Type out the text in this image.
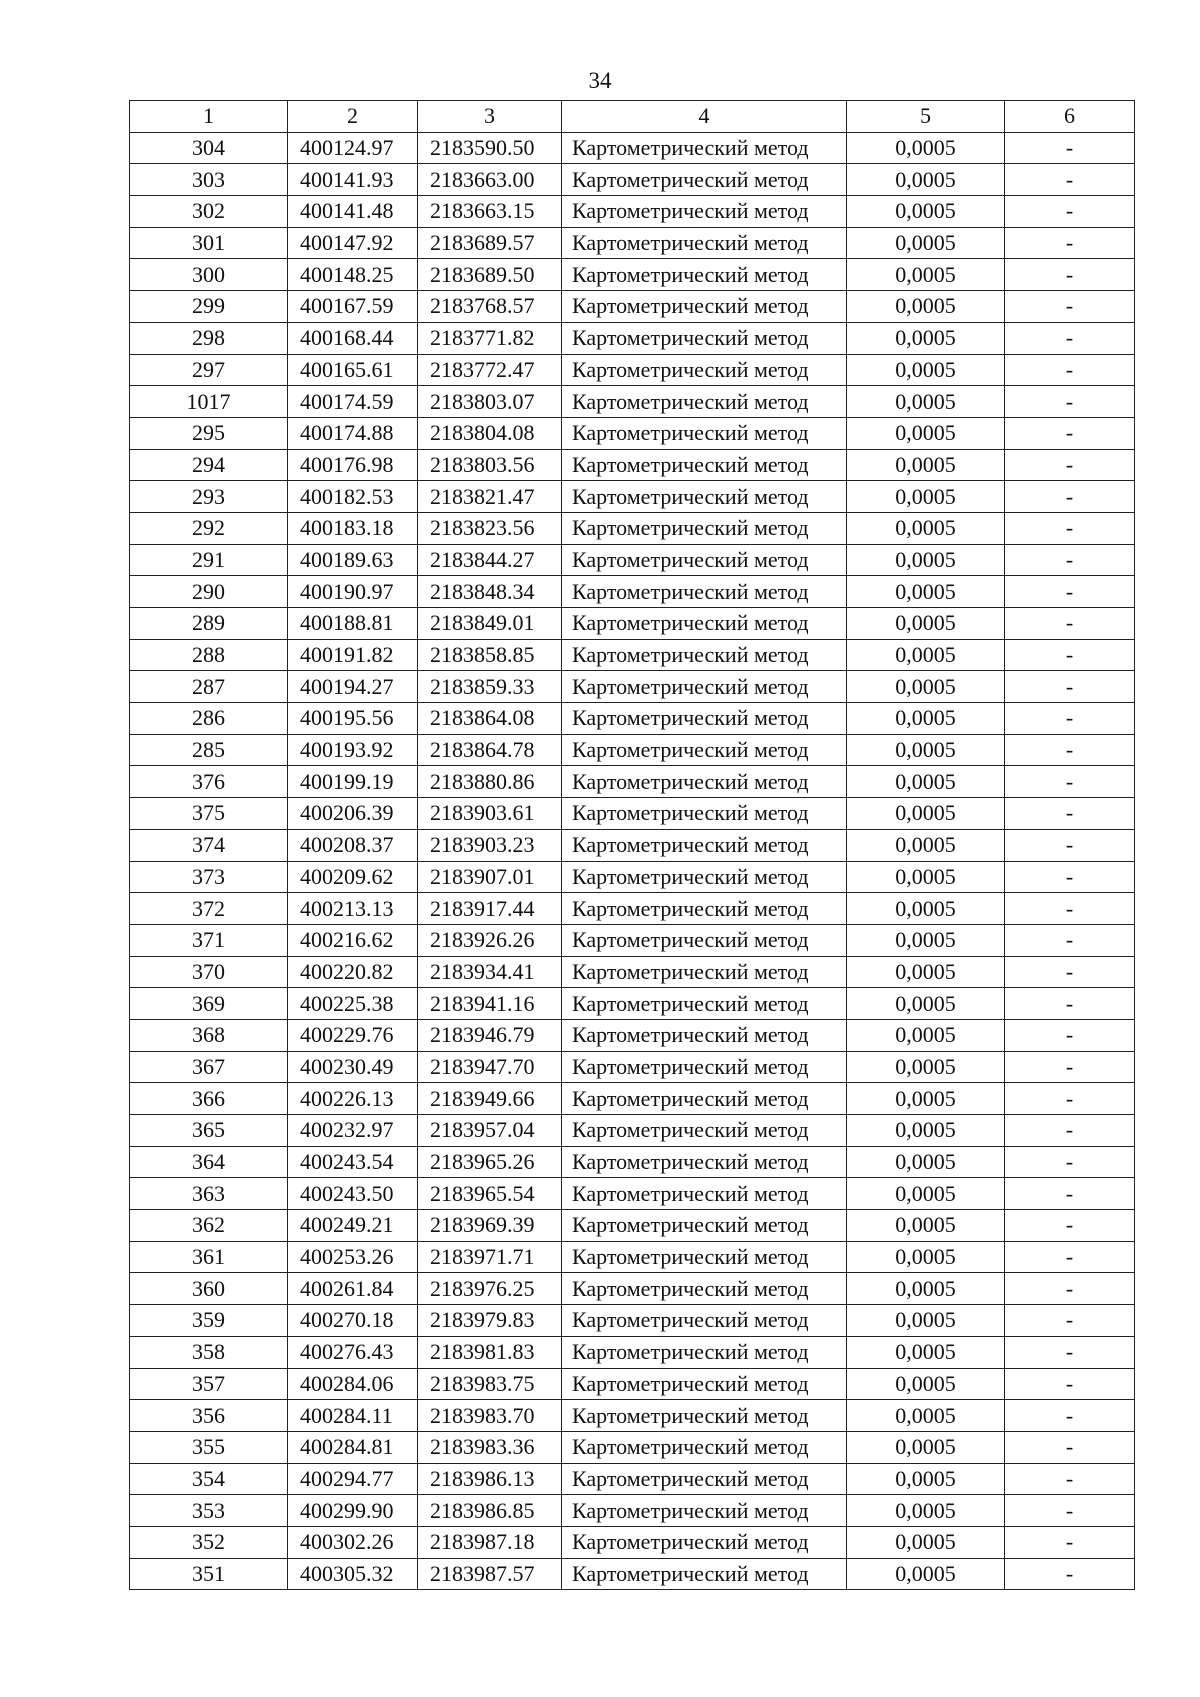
34
1	2	3	4	5	6
304	400124.97	2183590.50	Картометрический метод	0,0005	-
303	400141.93	2183663.00	Картометрический метод	0,0005	-
302	400141.48	2183663.15	Картометрический метод	0,0005	-
301	400147.92	2183689.57	Картометрический метод	0,0005	-
300	400148.25	2183689.50	Картометрический метод	0,0005	-
299	400167.59	2183768.57	Картометрический метод	0,0005	-
298	400168.44	2183771.82	Картометрический метод	0,0005	-
297	400165.61	2183772.47	Картометрический метод	0,0005	-
1017	400174.59	2183803.07	Картометрический метод	0,0005	-
295	400174.88	2183804.08	Картометрический метод	0,0005	-
294	400176.98	2183803.56	Картометрический метод	0,0005	-
293	400182.53	2183821.47	Картометрический метод	0,0005	-
292	400183.18	2183823.56	Картометрический метод	0,0005	-
291	400189.63	2183844.27	Картометрический метод	0,0005	-
290	400190.97	2183848.34	Картометрический метод	0,0005	-
289	400188.81	2183849.01	Картометрический метод	0,0005	-
288	400191.82	2183858.85	Картометрический метод	0,0005	-
287	400194.27	2183859.33	Картометрический метод	0,0005	-
286	400195.56	2183864.08	Картометрический метод	0,0005	-
285	400193.92	2183864.78	Картометрический метод	0,0005	-
376	400199.19	2183880.86	Картометрический метод	0,0005	-
375	400206.39	2183903.61	Картометрический метод	0,0005	-
374	400208.37	2183903.23	Картометрический метод	0,0005	-
373	400209.62	2183907.01	Картометрический метод	0,0005	-
372	400213.13	2183917.44	Картометрический метод	0,0005	-
371	400216.62	2183926.26	Картометрический метод	0,0005	-
370	400220.82	2183934.41	Картометрический метод	0,0005	-
369	400225.38	2183941.16	Картометрический метод	0,0005	-
368	400229.76	2183946.79	Картометрический метод	0,0005	-
367	400230.49	2183947.70	Картометрический метод	0,0005	-
366	400226.13	2183949.66	Картометрический метод	0,0005	-
365	400232.97	2183957.04	Картометрический метод	0,0005	-
364	400243.54	2183965.26	Картометрический метод	0,0005	-
363	400243.50	2183965.54	Картометрический метод	0,0005	-
362	400249.21	2183969.39	Картометрический метод	0,0005	-
361	400253.26	2183971.71	Картометрический метод	0,0005	-
360	400261.84	2183976.25	Картометрический метод	0,0005	-
359	400270.18	2183979.83	Картометрический метод	0,0005	-
358	400276.43	2183981.83	Картометрический метод	0,0005	-
357	400284.06	2183983.75	Картометрический метод	0,0005	-
356	400284.11	2183983.70	Картометрический метод	0,0005	-
355	400284.81	2183983.36	Картометрический метод	0,0005	-
354	400294.77	2183986.13	Картометрический метод	0,0005	-
353	400299.90	2183986.85	Картометрический метод	0,0005	-
352	400302.26	2183987.18	Картометрический метод	0,0005	-
351	400305.32	2183987.57	Картометрический метод	0,0005	-
